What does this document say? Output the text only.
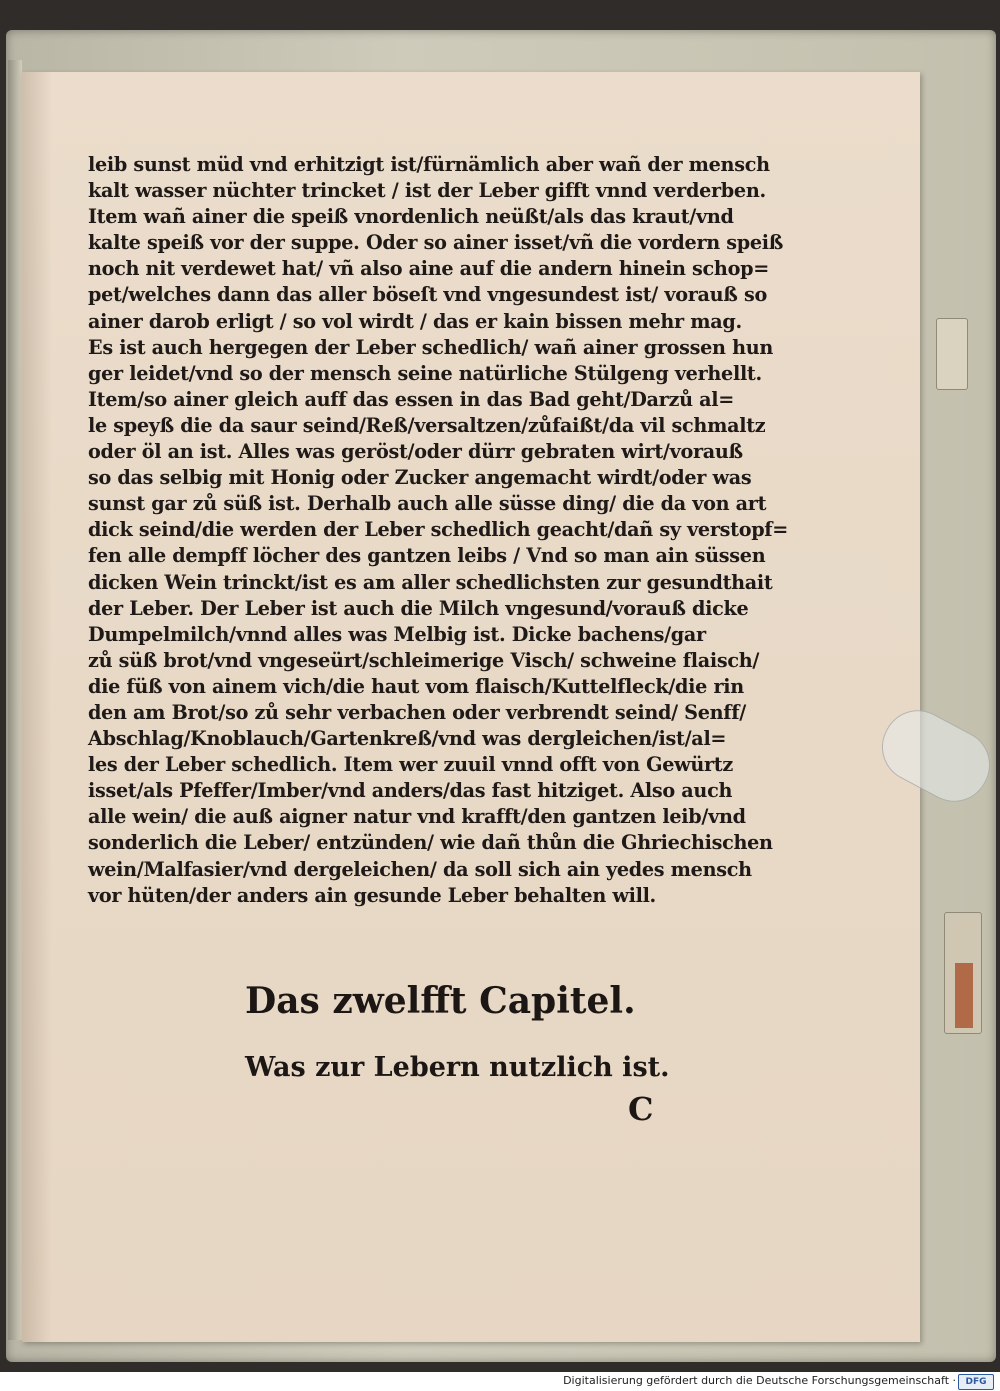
leib sunst müd vnd erhitzigt ist/fürnämlich aber wañ der mensch
kalt wasser nüchter trincket / ist der Leber gifft vnnd verderben.
Item wañ ainer die speiß vnordenlich neüßt/als das kraut/vnd
kalte speiß vor der suppe. Oder so ainer isset/vñ die vordern speiß
noch nit verdewet hat/ vñ also aine auf die andern hinein schop=
pet/welches dann das aller böseſt vnd vngesundest ist/ vorauß so
ainer darob erligt / so vol wirdt / das er kain bissen mehr mag.
Es ist auch hergegen der Leber schedlich/ wañ ainer grossen hun
ger leidet/vnd so der mensch seine natürliche Stülgeng verhellt.
Item/so ainer gleich auff das essen in das Bad geht/Darzů al=
le speyß die da saur seind/Reß/versaltzen/zůfaißt/da vil schmaltz
oder öl an ist. Alles was geröst/oder dürr gebraten wirt/vorauß
so das selbig mit Honig oder Zucker angemacht wirdt/oder was
sunst gar zů süß ist. Derhalb auch alle süsse ding/ die da von art
dick seind/die werden der Leber schedlich geacht/dañ sy verstopf=
fen alle dempff löcher des gantzen leibs / Vnd so man ain süssen
dicken Wein trinckt/ist es am aller schedlichsten zur gesundthait
der Leber. Der Leber ist auch die Milch vngesund/vorauß dicke
Dumpelmilch/vnnd alles was Melbig ist. Dicke bachens/gar
zů süß brot/vnd vngeseürt/schleimerige Visch/ schweine flaisch/
die füß von ainem vich/die haut vom flaisch/Kuttelfleck/die rin
den am Brot/so zů sehr verbachen oder verbrendt seind/ Senff/
Abschlag/Knoblauch/Gartenkreß/vnd was dergleichen/ist/al=
les der Leber schedlich. Item wer zuuil vnnd offt von Gewürtz
isset/als Pfeffer/Imber/vnd anders/das fast hitziget. Also auch
alle wein/ die auß aigner natur vnd krafft/den gantzen leib/vnd
sonderlich die Leber/ entzünden/ wie dañ thůn die Ghriechischen
wein/Malfasier/vnd dergeleichen/ da soll sich ain yedes mensch
vor hüten/der anders ain gesunde Leber behalten will.
Das zwelfft Capitel.
Was zur Lebern nutzlich ist.
C
Digitalisierung gefördert durch die Deutsche Forschungsgemeinschaft ·	DFG
